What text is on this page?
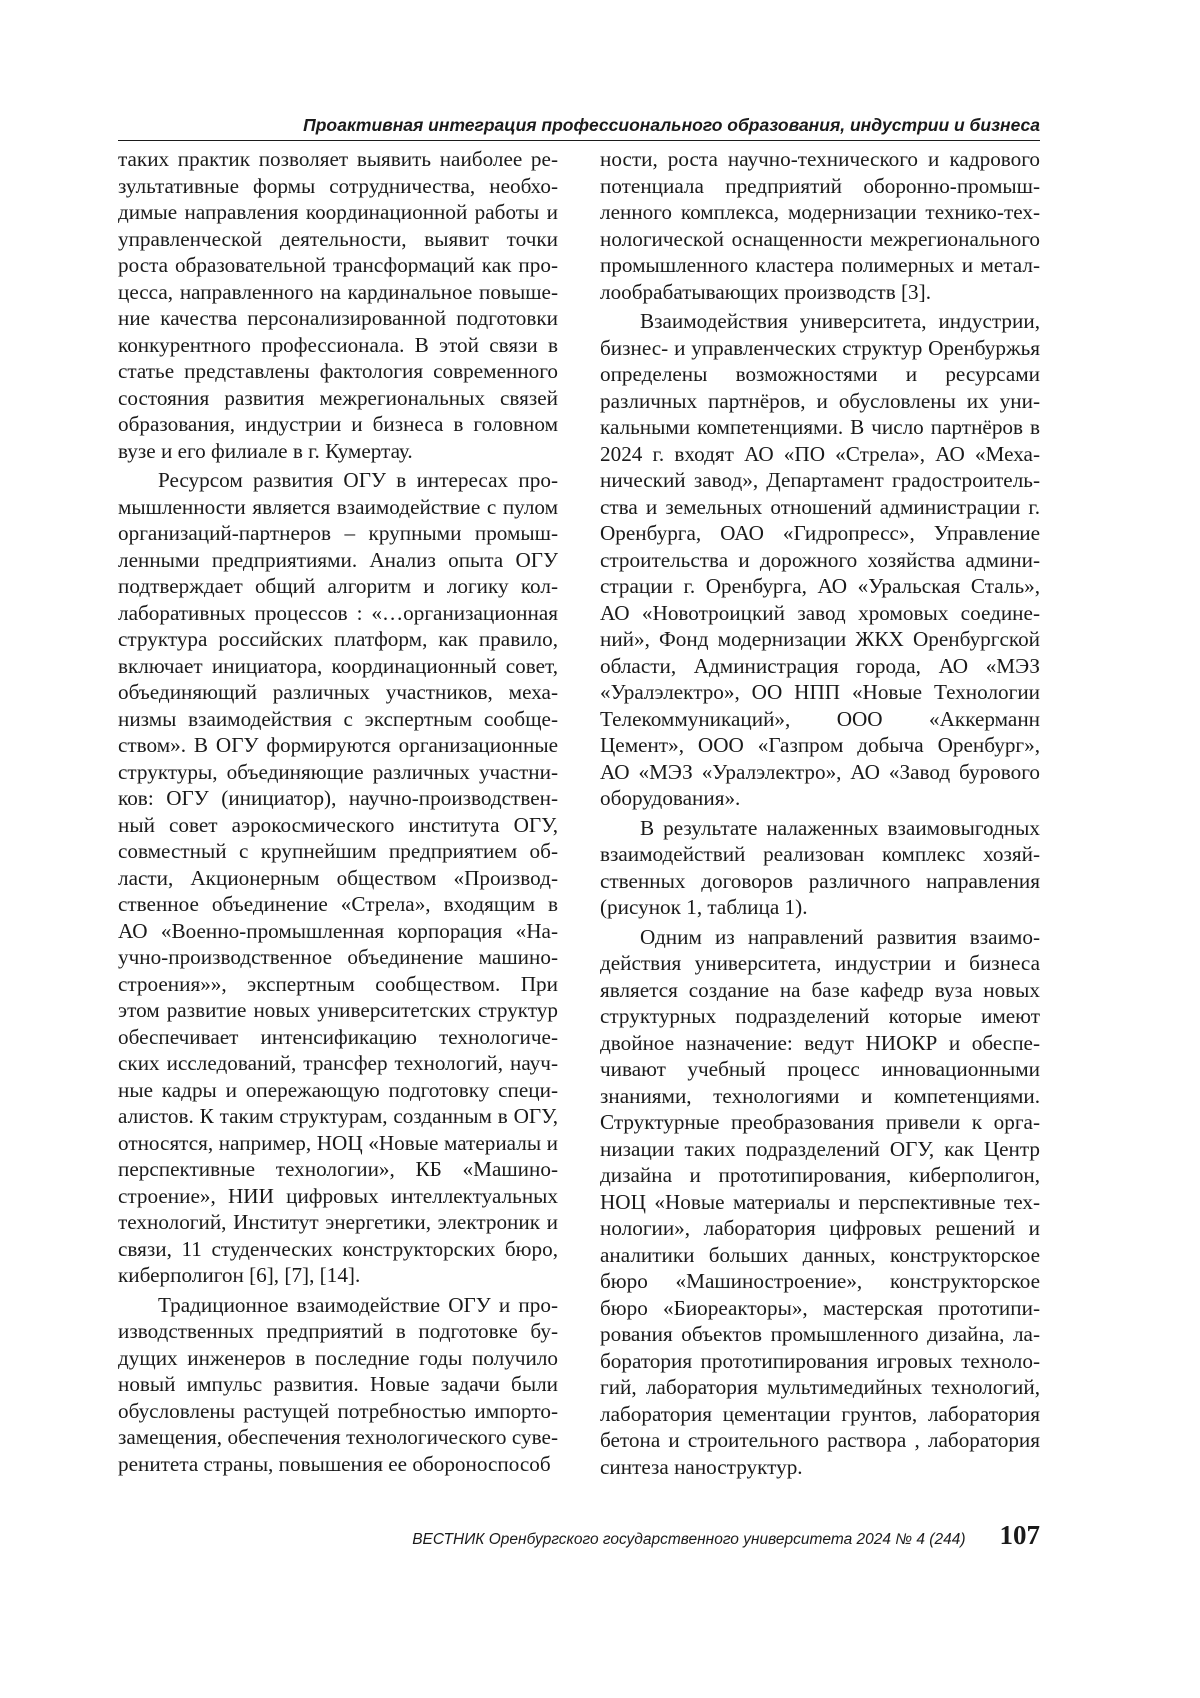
Проактивная интеграция профессионального образования, индустрии и бизнеса

таких практик позволяет выявить наиболее результативные формы сотрудничества, необходимые направления координационной работы и управленческой деятельности, выявит точки роста образовательной трансформаций как процесса, направленного на кардинальное повышение качества персонализированной подготовки конкурентного профессионала. В этой связи в статье представлены фактология современного состояния развития межрегиональных связей образования, индустрии и бизнеса в головном вузе и его филиале в г. Кумертау.

Ресурсом развития ОГУ в интересах промышленности является взаимодействие с пулом организаций-партнеров – крупными промышленными предприятиями. Анализ опыта ОГУ подтверждает общий алгоритм и логику коллаборативных процессов : «…организационная структура российских платформ, как правило, включает инициатора, координационный совет, объединяющий различных участников, механизмы взаимодействия с экспертным сообществом». В ОГУ формируются организационные структуры, объединяющие различных участников: ОГУ (инициатор), научно-производственный совет аэрокосмического института ОГУ, совместный с крупнейшим предприятием области, Акционерным обществом «Производственное объединение «Стрела», входящим в АО «Военно-промышленная корпорация «Научно-производственное объединение машиностроения»», экспертным сообществом. При этом развитие новых университетских структур обеспечивает интенсификацию технологических исследований, трансфер технологий, научные кадры и опережающую подготовку специалистов. К таким структурам, созданным в ОГУ, относятся, например, НОЦ «Новые материалы и перспективные технологии», КБ «Машиностроение», НИИ цифровых интеллектуальных технологий, Институт энергетики, электроник и связи, 11 студенческих конструкторских бюро, киберполигон [6], [7], [14].

Традиционное взаимодействие ОГУ и производственных предприятий в подготовке будущих инженеров в последние годы получило новый импульс развития. Новые задачи были обусловлены растущей потребностью импортозамещения, обеспечения технологического суверенитета страны, повышения ее обороноспособ

ности, роста научно-технического и кадрового потенциала предприятий оборонно-промышленного комплекса, модернизации технико-технологической оснащенности межрегионального промышленного кластера полимерных и металлообрабатывающих производств [3].

Взаимодействия университета, индустрии, бизнес- и управленческих структур Оренбуржья определены возможностями и ресурсами различных партнёров, и обусловлены их уникальными компетенциями. В число партнёров в 2024 г. входят АО «ПО «Стрела», АО «Механический завод», Департамент градостроительства и земельных отношений администрации г. Оренбурга, ОАО «Гидропресс», Управление строительства и дорожного хозяйства администрации г. Оренбурга, АО «Уральская Сталь», АО «Новотроицкий завод хромовых соединений», Фонд модернизации ЖКХ Оренбургской области, Администрация города, АО «МЭЗ «Уралэлектро», ОО НПП «Новые Технологии Телекоммуникаций», ООО «Аккерманн Цемент», ООО «Газпром добыча Оренбург», АО «МЭЗ «Уралэлектро», АО «Завод бурового оборудования».

В результате налаженных взаимовыгодных взаимодействий реализован комплекс хозяйственных договоров различного направления (рисунок 1, таблица 1).

Одним из направлений развития взаимодействия университета, индустрии и бизнеса является создание на базе кафедр вуза новых структурных подразделений которые имеют двойное назначение: ведут НИОКР и обеспечивают учебный процесс инновационными знаниями, технологиями и компетенциями. Структурные преобразования привели к организации таких подразделений ОГУ, как Центр дизайна и прототипирования, киберполигон, НОЦ «Новые материалы и перспективные технологии», лаборатория цифровых решений и аналитики больших данных, конструкторское бюро «Машиностроение», конструкторское бюро «Биореакторы», мастерская прототипирования объектов промышленного дизайна, лаборатория прототипирования игровых технологий, лаборатория мультимедийных технологий, лаборатория цементации грунтов, лаборатория бетона и строительного раствора , лаборатория синтеза наноструктур.

ВЕСТНИК Оренбургского государственного университета 2024 № 4 (244) 107
